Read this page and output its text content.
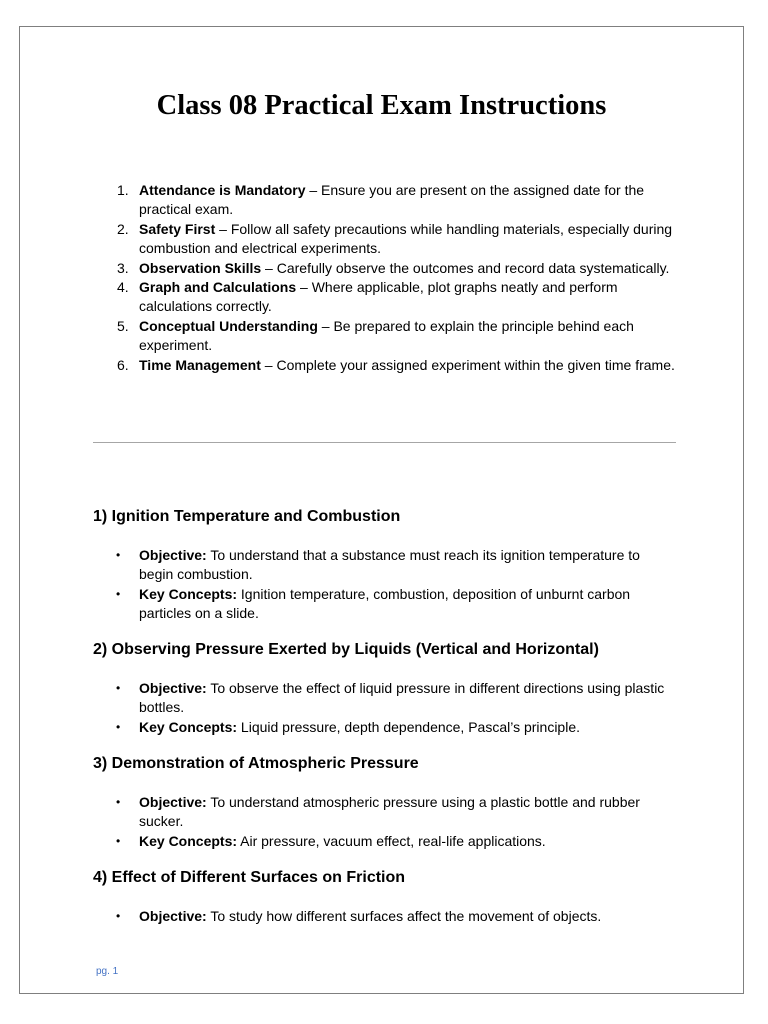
Class 08 Practical Exam Instructions
1. Attendance is Mandatory – Ensure you are present on the assigned date for the practical exam.
2. Safety First – Follow all safety precautions while handling materials, especially during combustion and electrical experiments.
3. Observation Skills – Carefully observe the outcomes and record data systematically.
4. Graph and Calculations – Where applicable, plot graphs neatly and perform calculations correctly.
5. Conceptual Understanding – Be prepared to explain the principle behind each experiment.
6. Time Management – Complete your assigned experiment within the given time frame.
1) Ignition Temperature and Combustion
• Objective: To understand that a substance must reach its ignition temperature to begin combustion.
• Key Concepts: Ignition temperature, combustion, deposition of unburnt carbon particles on a slide.
2) Observing Pressure Exerted by Liquids (Vertical and Horizontal)
• Objective: To observe the effect of liquid pressure in different directions using plastic bottles.
• Key Concepts: Liquid pressure, depth dependence, Pascal’s principle.
3) Demonstration of Atmospheric Pressure
• Objective: To understand atmospheric pressure using a plastic bottle and rubber sucker.
• Key Concepts: Air pressure, vacuum effect, real-life applications.
4) Effect of Different Surfaces on Friction
• Objective: To study how different surfaces affect the movement of objects.
pg. 1
